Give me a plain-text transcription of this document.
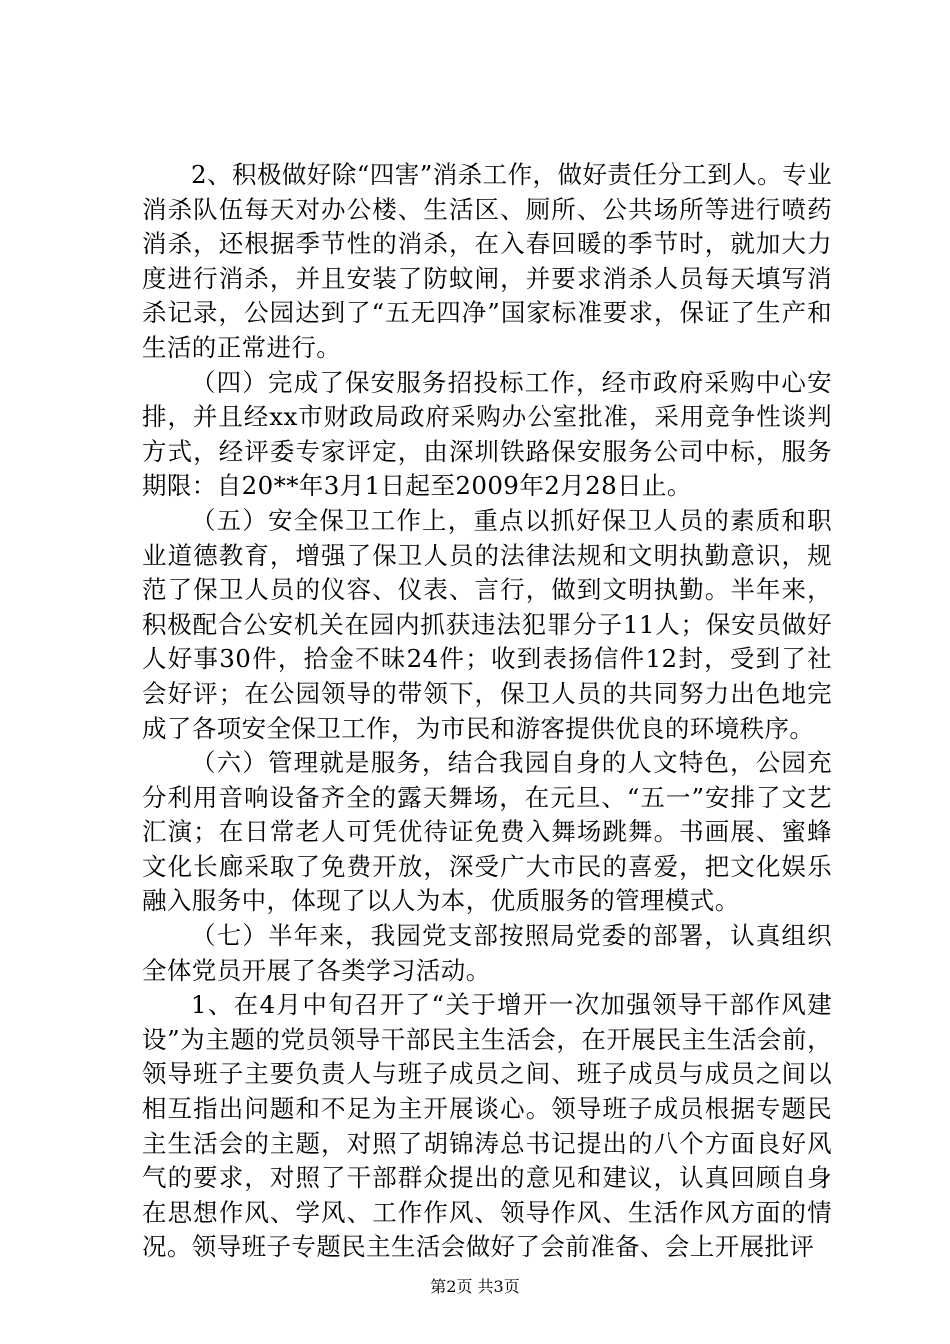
2、积极做好除“四害”消杀工作，做好责任分工到人。专业消杀队伍每天对办公楼、生活区、厕所、公共场所等进行喷药消杀，还根据季节性的消杀，在入春回暖的季节时，就加大力度进行消杀，并且安装了防蚊闸，并要求消杀人员每天填写消杀记录，公园达到了“五无四净”国家标准要求，保证了生产和生活的正常进行。

（四）完成了保安服务招投标工作，经市政府采购中心安排，并且经xx市财政局政府采购办公室批准，采用竞争性谈判方式，经评委专家评定，由深圳铁路保安服务公司中标，服务期限：自20**年3月1日起至2009年2月28日止。

（五）安全保卫工作上，重点以抓好保卫人员的素质和职业道德教育，增强了保卫人员的法律法规和文明执勤意识，规范了保卫人员的仪容、仪表、言行，做到文明执勤。半年来，积极配合公安机关在园内抓获违法犯罪分子11人；保安员做好人好事30件，拾金不昧24件；收到表扬信件12封，受到了社会好评；在公园领导的带领下，保卫人员的共同努力出色地完成了各项安全保卫工作，为市民和游客提供优良的环境秩序。

（六）管理就是服务，结合我园自身的人文特色，公园充分利用音响设备齐全的露天舞场，在元旦、“五一”安排了文艺汇演；在日常老人可凭优待证免费入舞场跳舞。书画展、蜜蜂文化长廊采取了免费开放，深受广大市民的喜爱，把文化娱乐融入服务中，体现了以人为本，优质服务的管理模式。

（七）半年来，我园党支部按照局党委的部署，认真组织全体党员开展了各类学习活动。

1、在4月中旬召开了“关于增开一次加强领导干部作风建设”为主题的党员领导干部民主生活会，在开展民主生活会前，领导班子主要负责人与班子成员之间、班子成员与成员之间以相互指出问题和不足为主开展谈心。领导班子成员根据专题民主生活会的主题，对照了胡锦涛总书记提出的八个方面良好风气的要求，对照了干部群众提出的意见和建议，认真回顾自身在思想作风、学风、工作作风、领导作风、生活作风方面的情况。领导班子专题民主生活会做好了会前准备、会上开展批评

第2页 共3页
